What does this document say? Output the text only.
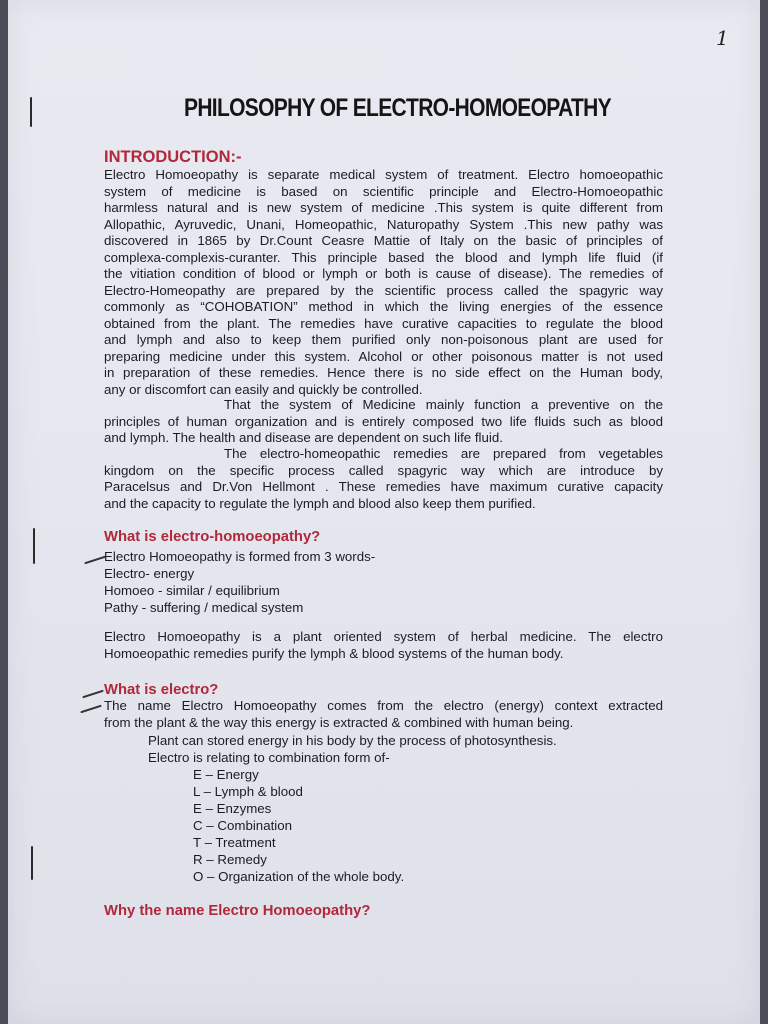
1
PHILOSOPHY OF ELECTRO-HOMOEOPATHY
INTRODUCTION:-
Electro Homoeopathy is separate medical system of treatment. Electro homoeopathic
system of medicine is based on scientific principle and Electro-Homoeopathic
harmless natural and is new system of medicine .This system is quite different from
Allopathic, Ayruvedic, Unani, Homeopathic, Naturopathy System .This new pathy was
discovered in 1865 by Dr.Count Ceasre Mattie of Italy on the basic of principles of
complexa-complexis-curanter. This principle based the blood and lymph life fluid (if
the vitiation condition of blood or lymph or both is cause of disease). The remedies of
Electro-Homeopathy are prepared by the scientific process called the spagyric way
commonly as “COHOBATION” method in which the living energies of the essence
obtained from the plant. The remedies have curative capacities to regulate the blood
and lymph and also to keep them purified only non-poisonous plant are used for
preparing medicine under this system. Alcohol or other poisonous matter is not used
in preparation of these remedies. Hence there is no side effect on the Human body,
any or discomfort can easily and quickly be controlled.
That the system of Medicine mainly function a preventive on the
principles of human organization and is entirely composed two life fluids such as blood
and lymph. The health and disease are dependent on such life fluid.
The electro-homeopathic remedies are prepared from vegetables
kingdom on the specific process called spagyric way which are introduce by
Paracelsus and Dr.Von Hellmont . These remedies have maximum curative capacity
and the capacity to regulate the lymph and blood also keep them purified.
What is electro-homoeopathy?
Electro Homoeopathy is formed from 3 words-
Electro- energy
Homoeo - similar / equilibrium
Pathy - suffering / medical system
Electro Homoeopathy is a plant oriented system of herbal medicine. The electro
Homoeopathic remedies purify the lymph & blood systems of the human body.
What is electro?
The name Electro Homoeopathy comes from the electro (energy) context extracted
from the plant & the way this energy is extracted & combined with human being.
Plant can stored energy in his body by the process of photosynthesis.
Electro is relating to combination form of-
E – Energy
L – Lymph & blood
E – Enzymes
C – Combination
T – Treatment
R – Remedy
O – Organization of the whole body.
Why the name Electro Homoeopathy?
